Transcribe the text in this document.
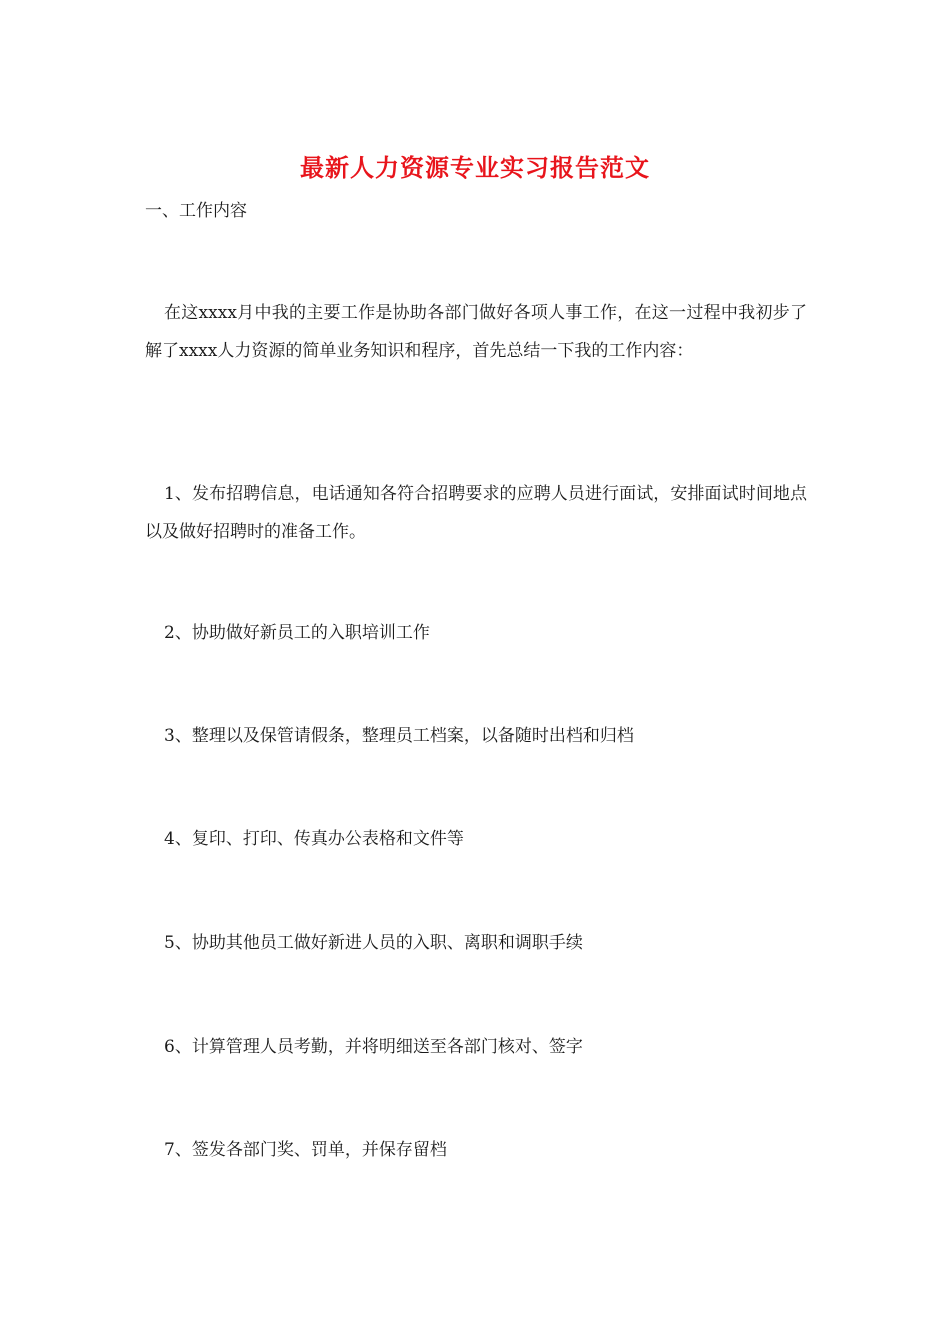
最新人力资源专业实习报告范文
一、工作内容
在这xxxx月中我的主要工作是协助各部门做好各项人事工作，在这一过程中我初步了解了xxxx人力资源的简单业务知识和程序，首先总结一下我的工作内容：
1、发布招聘信息，电话通知各符合招聘要求的应聘人员进行面试，安排面试时间地点以及做好招聘时的准备工作。
2、协助做好新员工的入职培训工作
3、整理以及保管请假条，整理员工档案，以备随时出档和归档
4、复印、打印、传真办公表格和文件等
5、协助其他员工做好新进人员的入职、离职和调职手续
6、计算管理人员考勤，并将明细送至各部门核对、签字
7、签发各部门奖、罚单，并保存留档
